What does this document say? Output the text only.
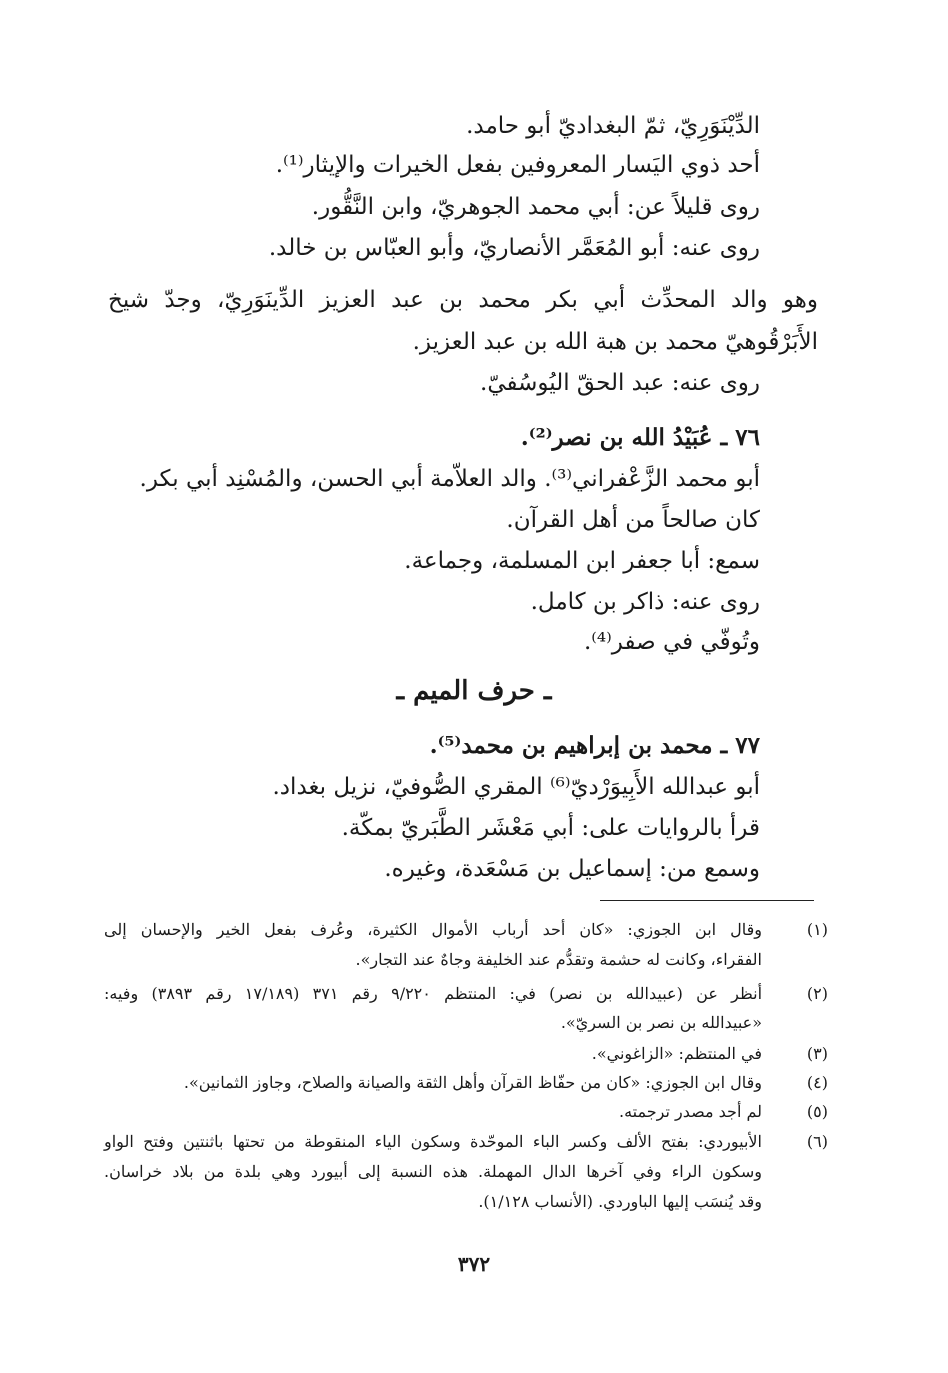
الدِّيْنَوَرِيّ، ثمّ البغداديّ أبو حامد.
أحد ذوي اليَسار المعروفين بفعل الخيرات والإيثار⁽¹⁾.
روى قليلاً عن: أبي محمد الجوهريّ، وابن النَّقُّور.
روى عنه: أبو المُعَمَّر الأنصاريّ، وأبو العبّاس بن خالد.
وهو والد المحدِّث أبي بكر محمد بن عبد العزيز الدِّينَوَرِيّ، وجدّ شيخ
الأَبَرْقُوهيّ محمد بن هبة الله بن عبد العزيز.
روى عنه: عبد الحقّ اليُوسُفيّ.
٧٦ ـ عُبَيْدُ الله بن نصر⁽²⁾.
أبو محمد الزَّعْفراني⁽³⁾. والد العلاّمة أبي الحسن، والمُسْنِد أبي بكر.
كان صالحاً من أهل القرآن.
سمع: أبا جعفر ابن المسلمة، وجماعة.
روى عنه: ذاكر بن كامل.
وتُوفّي في صفر⁽⁴⁾.
ـ حرف الميم ـ
٧٧ ـ محمد بن إبراهيم بن محمد⁽⁵⁾.
أبو عبدالله الأَبِيوَرْديّ⁽⁶⁾ المقري الصُّوفيّ، نزيل بغداد.
قرأ بالروايات على: أبي مَعْشَر الطَّبَريّ بمكّة.
وسمع من: إسماعيل بن مَسْعَدة، وغيره.
(١)
وقال ابن الجوزي: «كان أحد أرباب الأموال الكثيرة، وعُرف بفعل الخير والإحسان إلى
الفقراء، وكانت له حشمة وتقدُّم عند الخليفة وجاهٌ عند التجار».
(٢)
أنظر عن (عبيدالله بن نصر) في: المنتظم ٩/٢٢٠ رقم ٣٧١ (١٧/١٨٩ رقم ٣٨٩٣) وفيه:
«عبيدالله بن نصر بن السريّ».
(٣)
في المنتظم: «الزاغوني».
(٤)
وقال ابن الجوزي: «كان من حفّاظ القرآن وأهل الثقة والصيانة والصلاح، وجاوز الثمانين».
(٥)
لم أجد مصدر ترجمته.
(٦)
الأبيوردي: بفتح الألف وكسر الباء الموحّدة وسكون الياء المنقوطة من تحتها باثنتين وفتح الواو
وسكون الراء وفي آخرها الدال المهملة. هذه النسبة إلى أبيورد وهي بلدة من بلاد خراسان.
وقد يُنسَب إليها الباوردي. (الأنساب ١/١٢٨).
٣٧٢
